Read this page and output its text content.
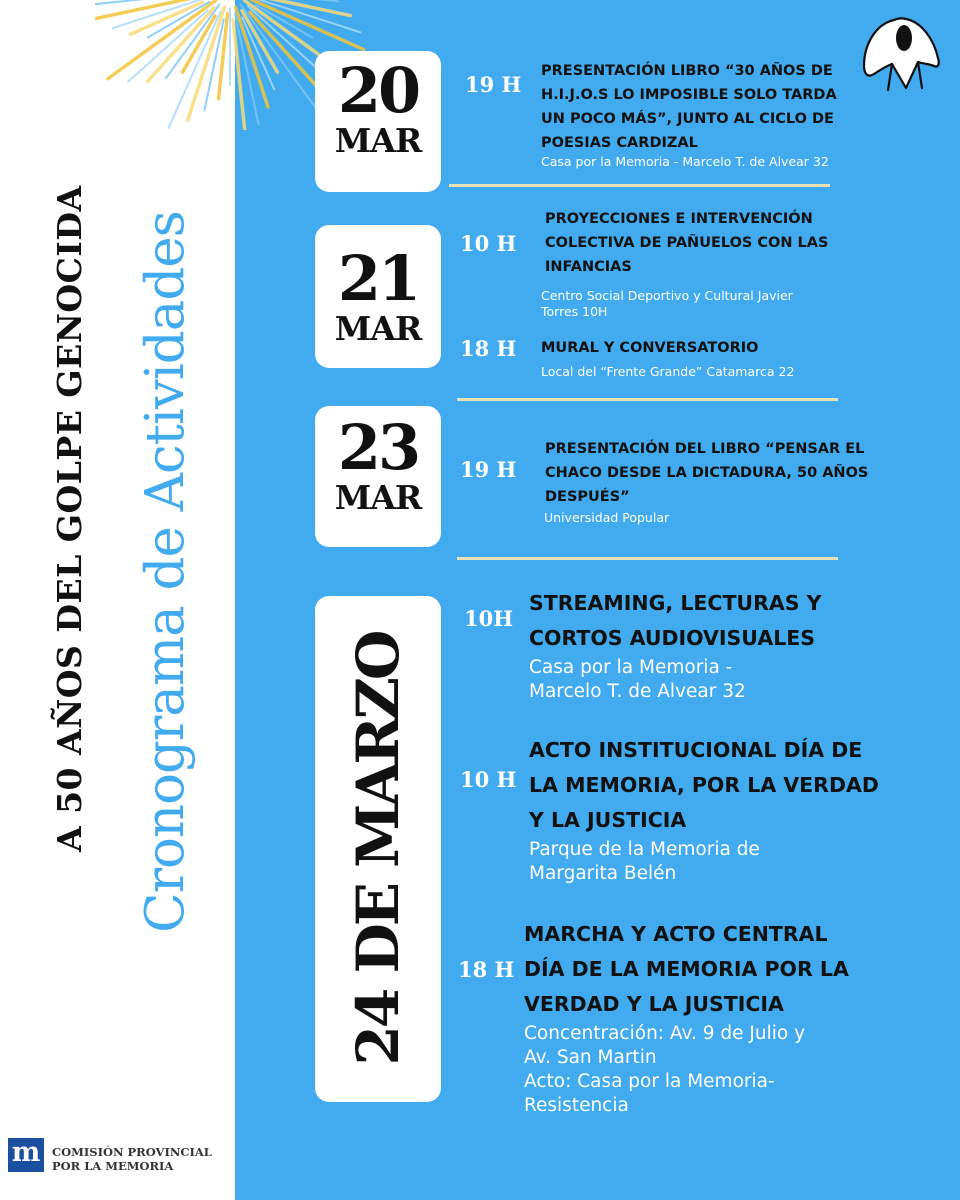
A 50 AÑOS DEL GOLPE GENOCIDA Cronograma de Actividades
20
MAR
19 H
PRESENTACIÓN LIBRO “30 AÑOS DE
H.I.J.O.S LO IMPOSIBLE SOLO TARDA
UN POCO MÁS”, JUNTO AL CICLO DE
POESIAS CARDIZAL
Casa por la Memoria - Marcelo T. de Alvear 32
21
MAR
10 H
PROYECCIONES E INTERVENCIÓN
COLECTIVA DE PAÑUELOS CON LAS
INFANCIAS
Centro Social Deportivo y Cultural Javier
Torres 10H
18 H MURAL Y CONVERSATORIO
Local del “Frente Grande” Catamarca 22
23
MAR
19 H
PRESENTACIÓN DEL LIBRO “PENSAR EL
CHACO DESDE LA DICTADURA, 50 AÑOS
DESPUÉS”
Universidad Popular
24 DE MARZO
10H
STREAMING, LECTURAS Y
CORTOS AUDIOVISUALES
Casa por la Memoria -
Marcelo T. de Alvear 32
10 H
ACTO INSTITUCIONAL DÍA DE
LA MEMORIA, POR LA VERDAD
Y LA JUSTICIA
Parque de la Memoria de
Margarita Belén
18 H
MARCHA Y ACTO CENTRAL
DÍA DE LA MEMORIA POR LA
VERDAD Y LA JUSTICIA
Concentración: Av. 9 de Julio y
Av. San Martin
Acto: Casa por la Memoria-
Resistencia
m	COMISIÓN PROVINCIAL
POR LA MEMORIA
